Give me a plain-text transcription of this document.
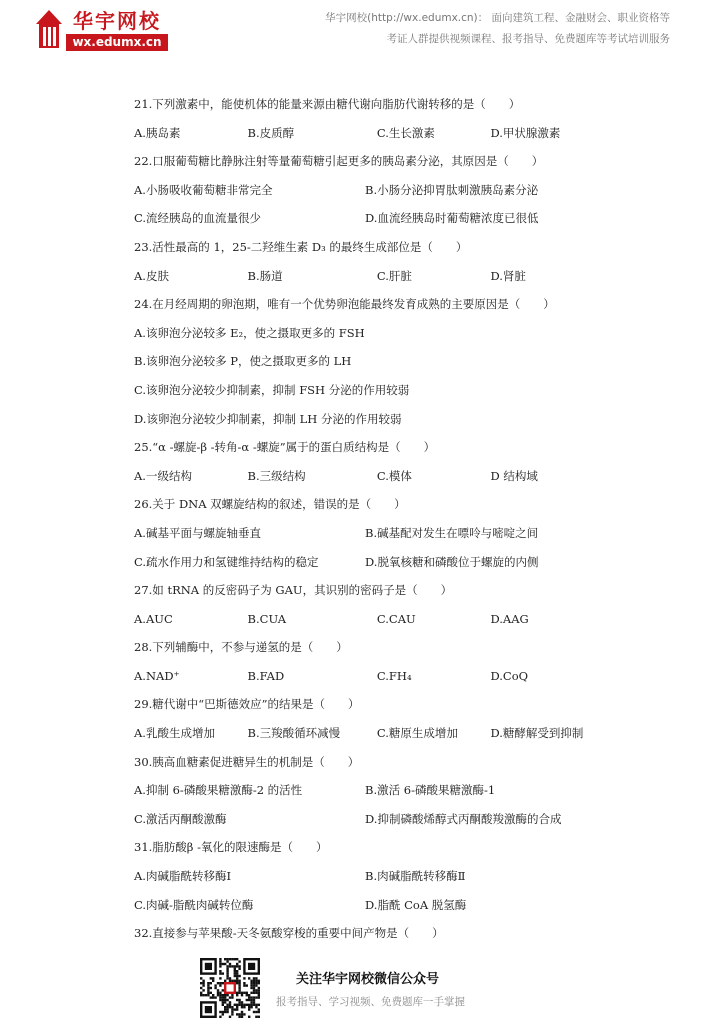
华宇网校
wx.edumx.cn
华宇网校(http://wx.edumx.cn)： 面向建筑工程、金融财会、职业资格等
考证人群提供视频课程、报考指导、免费题库等考试培训服务
21.下列激素中，能使机体的能量来源由糖代谢向脂肪代谢转移的是（　　）
A.胰岛素	B.皮质醇	C.生长激素	D.甲状腺激素
22.口服葡萄糖比静脉注射等量葡萄糖引起更多的胰岛素分泌，其原因是（　　）
A.小肠吸收葡萄糖非常完全	B.小肠分泌抑胃肽刺激胰岛素分泌
C.流经胰岛的血流量很少	D.血流经胰岛时葡萄糖浓度已很低
23.活性最高的 1，25-二羟维生素 D₃ 的最终生成部位是（　　）
A.皮肤	B.肠道	C.肝脏	D.肾脏
24.在月经周期的卵泡期，唯有一个优势卵泡能最终发育成熟的主要原因是（　　）
A.该卵泡分泌较多 E₂，使之摄取更多的 FSH
B.该卵泡分泌较多 P，使之摄取更多的 LH
C.该卵泡分泌较少抑制素，抑制 FSH 分泌的作用较弱
D.该卵泡分泌较少抑制素，抑制 LH 分泌的作用较弱
25.“α -螺旋-β -转角-α -螺旋”属于的蛋白质结构是（　　）
A.一级结构	B.三级结构	C.模体	D 结构域
26.关于 DNA 双螺旋结构的叙述，错误的是（　　）
A.碱基平面与螺旋轴垂直	B.碱基配对发生在嘌呤与嘧啶之间
C.疏水作用力和氢键维持结构的稳定	D.脱氧核糖和磷酸位于螺旋的内侧
27.如 tRNA 的反密码子为 GAU，其识别的密码子是（　　）
A.AUC	B.CUA	C.CAU	D.AAG
28.下列辅酶中，不参与递氢的是（　　）
A.NAD⁺	B.FAD	C.FH₄	D.CoQ
29.糖代谢中“巴斯德效应”的结果是（　　）
A.乳酸生成增加	B.三羧酸循环减慢	C.糖原生成增加	D.糖酵解受到抑制
30.胰高血糖素促进糖异生的机制是（　　）
A.抑制 6-磷酸果糖激酶-2 的活性	B.激活 6-磷酸果糖激酶-1
C.激活丙酮酸激酶	D.抑制磷酸烯醇式丙酮酸羧激酶的合成
31.脂肪酸β -氧化的限速酶是（　　）
A.肉碱脂酰转移酶Ⅰ	B.肉碱脂酰转移酶Ⅱ
C.肉碱-脂酰肉碱转位酶	D.脂酰 CoA 脱氢酶
32.直接参与苹果酸-天冬氨酸穿梭的重要中间产物是（　　）
关注华宇网校微信公众号
报考指导、学习视频、免费题库一手掌握
